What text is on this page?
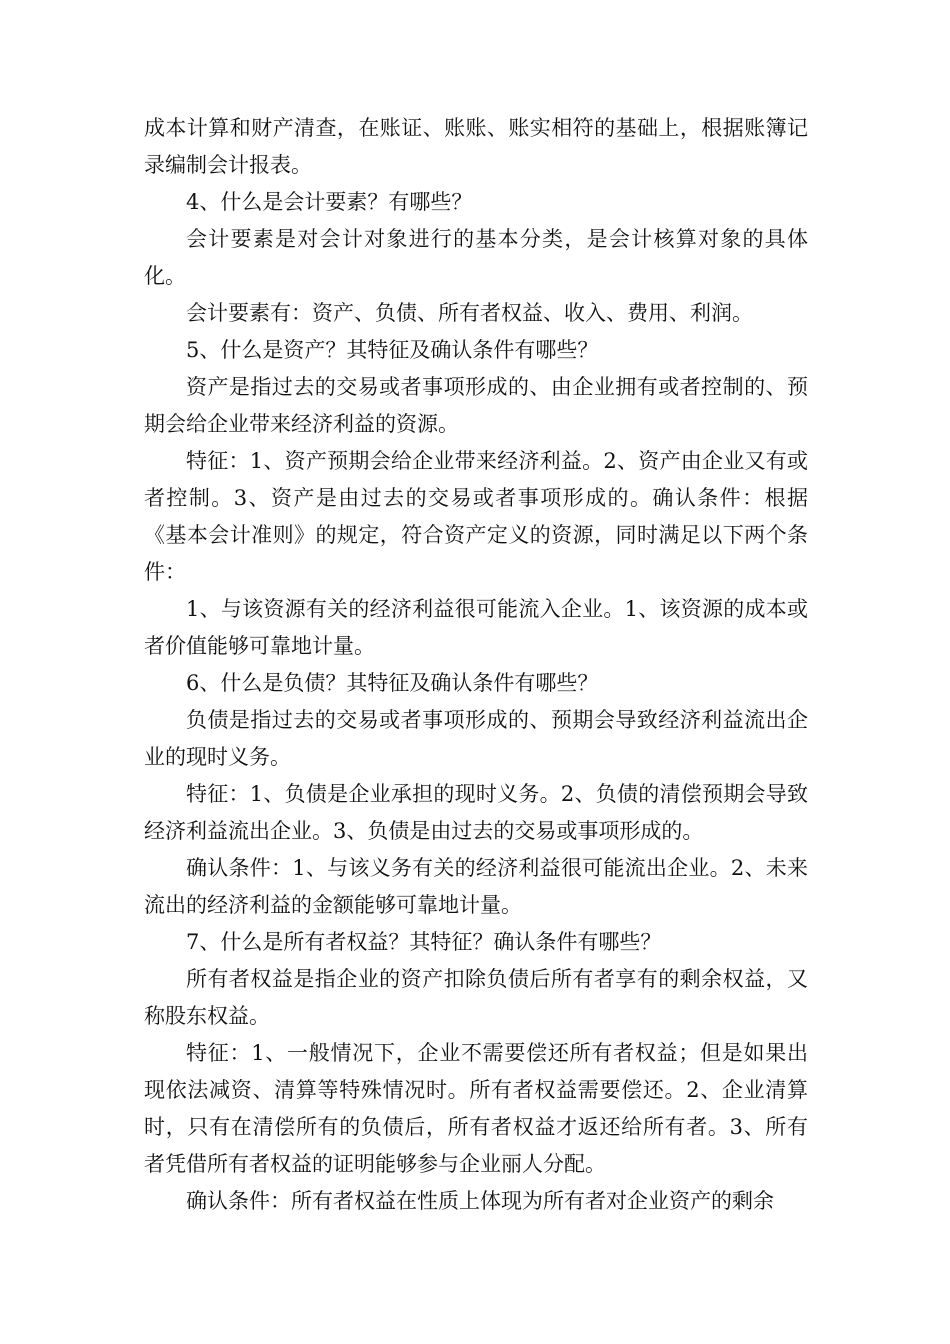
成本计算和财产清查，在账证、账账、账实相符的基础上，根据账簿记录编制会计报表。

4、什么是会计要素？有哪些？

会计要素是对会计对象进行的基本分类，是会计核算对象的具体化。

会计要素有：资产、负债、所有者权益、收入、费用、利润。

5、什么是资产？其特征及确认条件有哪些？

资产是指过去的交易或者事项形成的、由企业拥有或者控制的、预期会给企业带来经济利益的资源。

特征：1、资产预期会给企业带来经济利益。2、资产由企业又有或者控制。3、资产是由过去的交易或者事项形成的。确认条件：根据《基本会计准则》的规定，符合资产定义的资源，同时满足以下两个条件：

1、与该资源有关的经济利益很可能流入企业。1、该资源的成本或者价值能够可靠地计量。

6、什么是负债？其特征及确认条件有哪些？

负债是指过去的交易或者事项形成的、预期会导致经济利益流出企业的现时义务。

特征：1、负债是企业承担的现时义务。2、负债的清偿预期会导致经济利益流出企业。3、负债是由过去的交易或事项形成的。

确认条件：1、与该义务有关的经济利益很可能流出企业。2、未来流出的经济利益的金额能够可靠地计量。

7、什么是所有者权益？其特征？确认条件有哪些？

所有者权益是指企业的资产扣除负债后所有者享有的剩余权益，又称股东权益。

特征：1、一般情况下，企业不需要偿还所有者权益；但是如果出现依法减资、清算等特殊情况时。所有者权益需要偿还。2、企业清算时，只有在清偿所有的负债后，所有者权益才返还给所有者。3、所有者凭借所有者权益的证明能够参与企业丽人分配。

确认条件：所有者权益在性质上体现为所有者对企业资产的剩余
